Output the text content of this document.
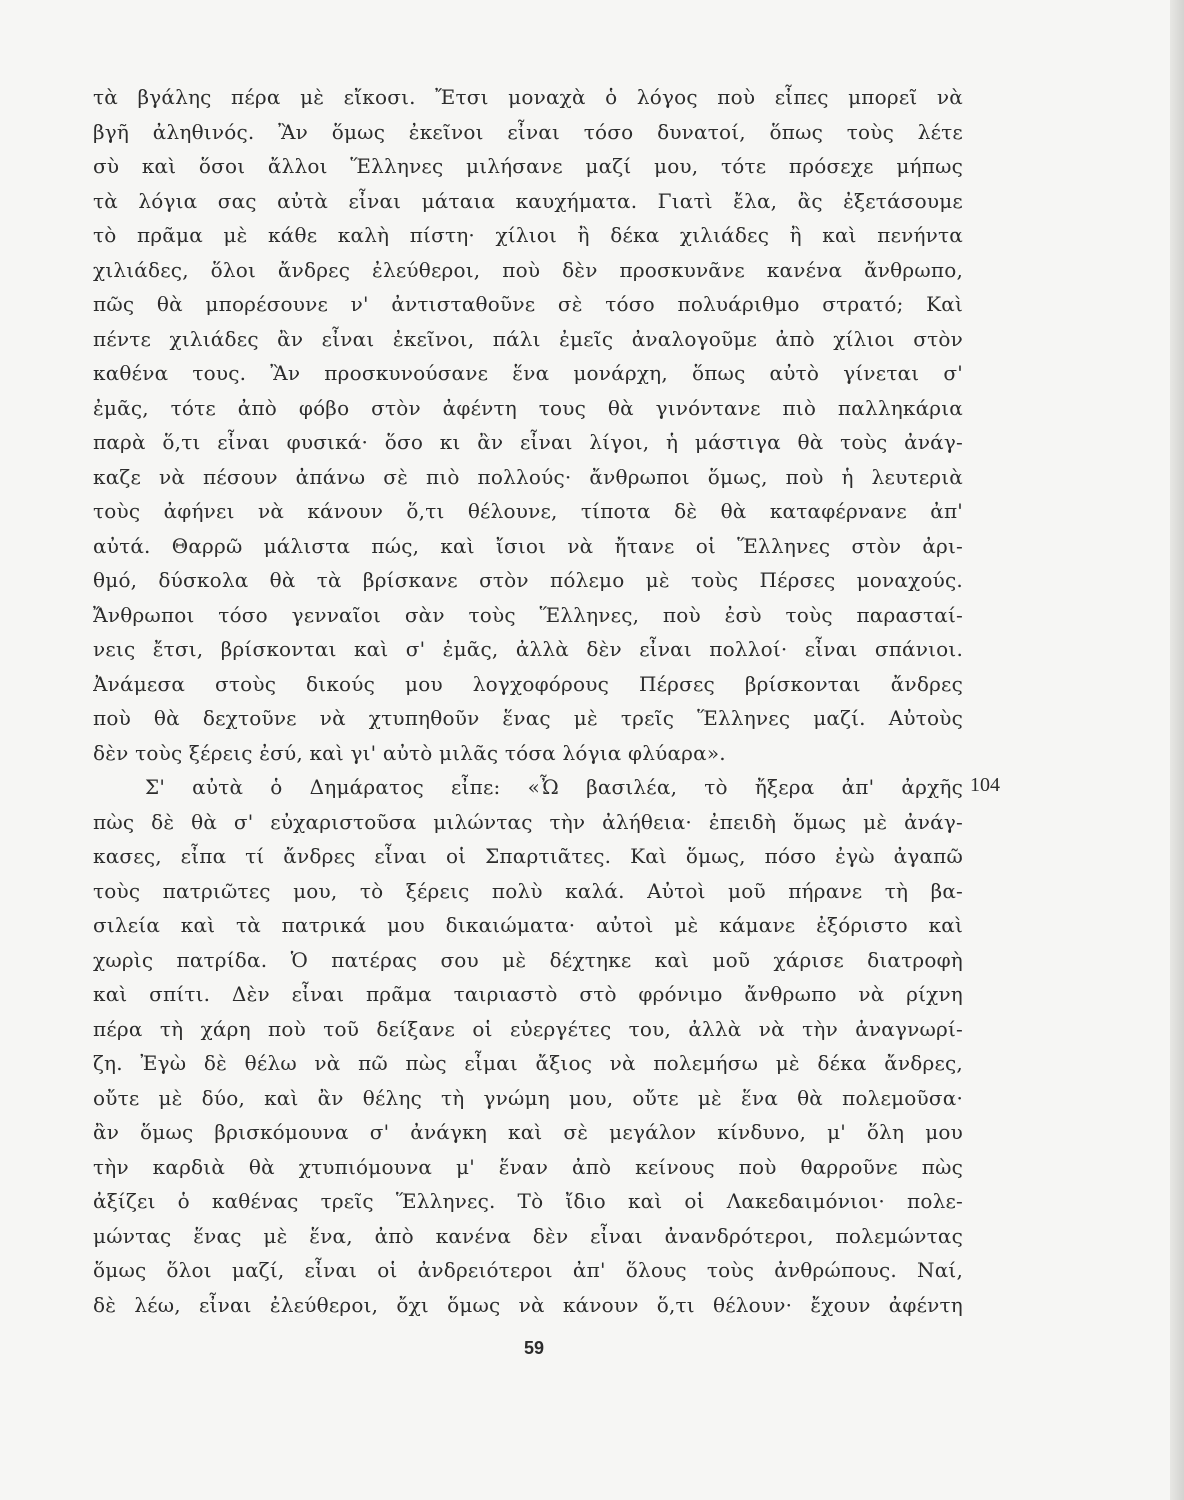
τὰ βγάλης πέρα μὲ εἴκοσι. Ἔτσι μοναχὰ ὁ λόγος ποὺ εἶπες μπορεῖ νὰ
βγῆ ἀληθινός. Ἂν ὅμως ἐκεῖνοι εἶναι τόσο δυνατοί, ὅπως τοὺς λέτε
σὺ καὶ ὅσοι ἄλλοι Ἕλληνες μιλήσανε μαζί μου, τότε πρόσεχε μήπως
τὰ λόγια σας αὐτὰ εἶναι μάταια καυχήματα. Γιατὶ ἔλα, ἂς ἐξετάσουμε
τὸ πρᾶμα μὲ κάθε καλὴ πίστη· χίλιοι ἢ δέκα χιλιάδες ἢ καὶ πενήντα
χιλιάδες, ὅλοι ἄνδρες ἐλεύθεροι, ποὺ δὲν προσκυνᾶνε κανένα ἄνθρωπο,
πῶς θὰ μπορέσουνε ν' ἀντισταθοῦνε σὲ τόσο πολυάριθμο στρατό; Καὶ
πέντε χιλιάδες ἂν εἶναι ἐκεῖνοι, πάλι ἐμεῖς ἀναλογοῦμε ἀπὸ χίλιοι στὸν
καθένα τους. Ἂν προσκυνούσανε ἕνα μονάρχη, ὅπως αὐτὸ γίνεται σ'
ἐμᾶς, τότε ἀπὸ φόβο στὸν ἀφέντη τους θὰ γινόντανε πιὸ παλληκάρια
παρὰ ὅ,τι εἶναι φυσικά· ὅσο κι ἂν εἶναι λίγοι, ἡ μάστιγα θὰ τοὺς ἀνάγ-
καζε νὰ πέσουν ἀπάνω σὲ πιὸ πολλούς· ἄνθρωποι ὅμως, ποὺ ἡ λευτεριὰ
τοὺς ἀφήνει νὰ κάνουν ὅ,τι θέλουνε, τίποτα δὲ θὰ καταφέρνανε ἀπ'
αὐτά. Θαρρῶ μάλιστα πώς, καὶ ἴσιοι νὰ ἤτανε οἱ Ἕλληνες στὸν ἀρι-
θμό, δύσκολα θὰ τὰ βρίσκανε στὸν πόλεμο μὲ τοὺς Πέρσες μοναχούς.
Ἄνθρωποι τόσο γενναῖοι σὰν τοὺς Ἕλληνες, ποὺ ἐσὺ τοὺς παρασταί-
νεις ἔτσι, βρίσκονται καὶ σ' ἐμᾶς, ἀλλὰ δὲν εἶναι πολλοί· εἶναι σπάνιοι.
Ἀνάμεσα στοὺς δικούς μου λογχοφόρους Πέρσες βρίσκονται ἄνδρες
ποὺ θὰ δεχτοῦνε νὰ χτυπηθοῦν ἕνας μὲ τρεῖς Ἕλληνες μαζί. Αὐτοὺς
δὲν τοὺς ξέρεις ἐσύ, καὶ γι' αὐτὸ μιλᾶς τόσα λόγια φλύαρα».
Σ' αὐτὰ ὁ Δημάρατος εἶπε: «Ὦ βασιλέα, τὸ ἤξερα ἀπ' ἀρχῆς
πὼς δὲ θὰ σ' εὐχαριστοῦσα μιλώντας τὴν ἀλήθεια· ἐπειδὴ ὅμως μὲ ἀνάγ-
κασες, εἶπα τί ἄνδρες εἶναι οἱ Σπαρτιᾶτες. Καὶ ὅμως, πόσο ἐγὼ ἀγαπῶ
τοὺς πατριῶτες μου, τὸ ξέρεις πολὺ καλά. Αὐτοὶ μοῦ πήρανε τὴ βα-
σιλεία καὶ τὰ πατρικά μου δικαιώματα· αὐτοὶ μὲ κάμανε ἐξόριστο καὶ
χωρὶς πατρίδα. Ὁ πατέρας σου μὲ δέχτηκε καὶ μοῦ χάρισε διατροφὴ
καὶ σπίτι. Δὲν εἶναι πρᾶμα ταιριαστὸ στὸ φρόνιμο ἄνθρωπο νὰ ρίχνη
πέρα τὴ χάρη ποὺ τοῦ δείξανε οἱ εὐεργέτες του, ἀλλὰ νὰ τὴν ἀναγνωρί-
ζη. Ἐγὼ δὲ θέλω νὰ πῶ πὼς εἶμαι ἄξιος νὰ πολεμήσω μὲ δέκα ἄνδρες,
οὔτε μὲ δύο, καὶ ἂν θέλης τὴ γνώμη μου, οὔτε μὲ ἕνα θὰ πολεμοῦσα·
ἂν ὅμως βρισκόμουνα σ' ἀνάγκη καὶ σὲ μεγάλον κίνδυνο, μ' ὅλη μου
τὴν καρδιὰ θὰ χτυπιόμουνα μ' ἕναν ἀπὸ κείνους ποὺ θαρροῦνε πὼς
ἀξίζει ὁ καθένας τρεῖς Ἕλληνες. Τὸ ἴδιο καὶ οἱ Λακεδαιμόνιοι· πολε-
μώντας ἕνας μὲ ἕνα, ἀπὸ κανένα δὲν εἶναι ἀνανδρότεροι, πολεμώντας
ὅμως ὅλοι μαζί, εἶναι οἱ ἀνδρειότεροι ἀπ' ὅλους τοὺς ἀνθρώπους. Ναί,
δὲ λέω, εἶναι ἐλεύθεροι, ὄχι ὅμως νὰ κάνουν ὅ,τι θέλουν· ἔχουν ἀφέντη
104
59
